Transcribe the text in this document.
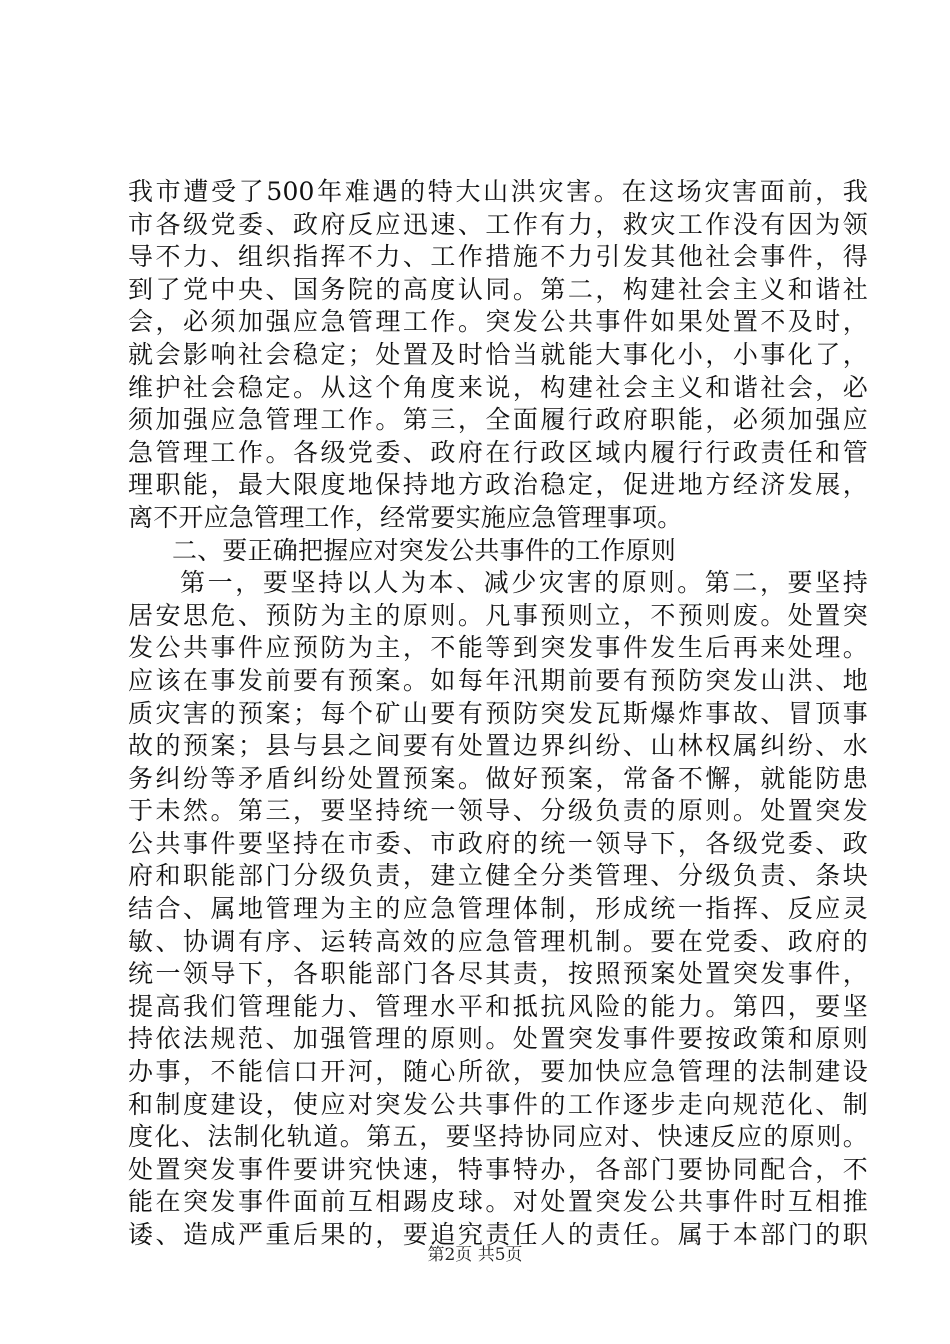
我市遭受了500年难遇的特大山洪灾害。在这场灾害面前，我
市各级党委、政府反应迅速、工作有力，救灾工作没有因为领
导不力、组织指挥不力、工作措施不力引发其他社会事件，得
到了党中央、国务院的高度认同。第二，构建社会主义和谐社
会，必须加强应急管理工作。突发公共事件如果处置不及时，
就会影响社会稳定；处置及时恰当就能大事化小，小事化了，
维护社会稳定。从这个角度来说，构建社会主义和谐社会，必
须加强应急管理工作。第三，全面履行政府职能，必须加强应
急管理工作。各级党委、政府在行政区域内履行行政责任和管
理职能，最大限度地保持地方政治稳定，促进地方经济发展，
离不开应急管理工作，经常要实施应急管理事项。
二、要正确把握应对突发公共事件的工作原则
第一，要坚持以人为本、减少灾害的原则。第二，要坚持
居安思危、预防为主的原则。凡事预则立，不预则废。处置突
发公共事件应预防为主，不能等到突发事件发生后再来处理。
应该在事发前要有预案。如每年汛期前要有预防突发山洪、地
质灾害的预案；每个矿山要有预防突发瓦斯爆炸事故、冒顶事
故的预案；县与县之间要有处置边界纠纷、山林权属纠纷、水
务纠纷等矛盾纠纷处置预案。做好预案，常备不懈，就能防患
于未然。第三，要坚持统一领导、分级负责的原则。处置突发
公共事件要坚持在市委、市政府的统一领导下，各级党委、政
府和职能部门分级负责，建立健全分类管理、分级负责、条块
结合、属地管理为主的应急管理体制，形成统一指挥、反应灵
敏、协调有序、运转高效的应急管理机制。要在党委、政府的
统一领导下，各职能部门各尽其责，按照预案处置突发事件，
提高我们管理能力、管理水平和抵抗风险的能力。第四，要坚
持依法规范、加强管理的原则。处置突发事件要按政策和原则
办事，不能信口开河，随心所欲，要加快应急管理的法制建设
和制度建设，使应对突发公共事件的工作逐步走向规范化、制
度化、法制化轨道。第五，要坚持协同应对、快速反应的原则。
处置突发事件要讲究快速，特事特办，各部门要协同配合，不
能在突发事件面前互相踢皮球。对处置突发公共事件时互相推
诿、造成严重后果的，要追究责任人的责任。属于本部门的职
第2页 共5页
